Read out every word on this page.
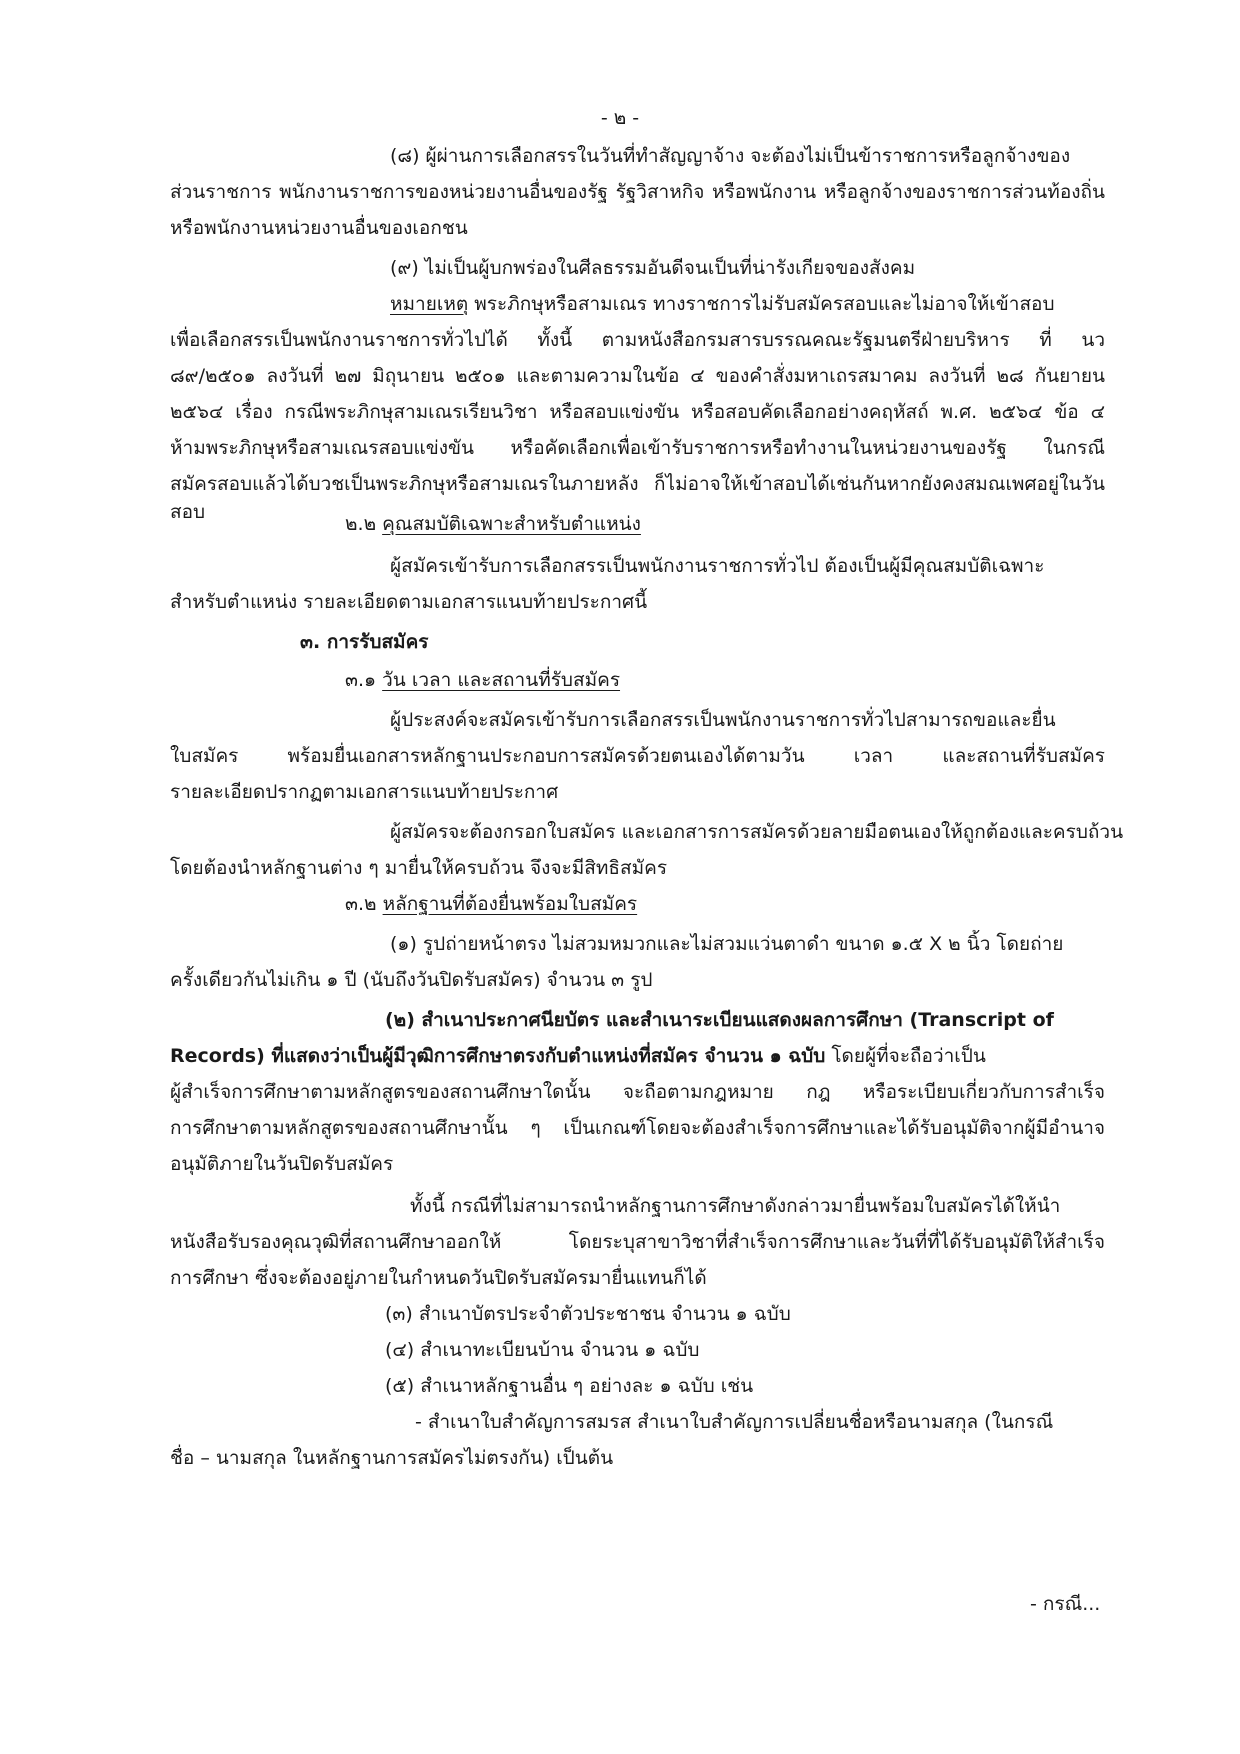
- ๒ -
(๘) ผู้ผ่านการเลือกสรรในวันที่ทำสัญญาจ้าง จะต้องไม่เป็นข้าราชการหรือลูกจ้างของ
ส่วนราชการ พนักงานราชการของหน่วยงานอื่นของรัฐ รัฐวิสาหกิจ หรือพนักงาน หรือลูกจ้างของราชการส่วนท้องถิ่น
หรือพนักงานหน่วยงานอื่นของเอกชน
(๙) ไม่เป็นผู้บกพร่องในศีลธรรมอันดีจนเป็นที่น่ารังเกียจของสังคม
หมายเหตุ พระภิกษุหรือสามเณร ทางราชการไม่รับสมัครสอบและไม่อาจให้เข้าสอบ
เพื่อเลือกสรรเป็นพนักงานราชการทั่วไปได้ ทั้งนี้ ตามหนังสือกรมสารบรรณคณะรัฐมนตรีฝ่ายบริหาร ที่ นว
๘๙/๒๕๐๑ ลงวันที่ ๒๗ มิถุนายน ๒๕๐๑ และตามความในข้อ ๔ ของคำสั่งมหาเถรสมาคม ลงวันที่ ๒๘ กันยายน
๒๕๖๔ เรื่อง กรณีพระภิกษุสามเณรเรียนวิชา หรือสอบแข่งขัน หรือสอบคัดเลือกอย่างคฤหัสถ์ พ.ศ. ๒๕๖๔ ข้อ ๔
ห้ามพระภิกษุหรือสามเณรสอบแข่งขัน หรือคัดเลือกเพื่อเข้ารับราชการหรือทำงานในหน่วยงานของรัฐ ในกรณี
สมัครสอบแล้วได้บวชเป็นพระภิกษุหรือสามเณรในภายหลัง ก็ไม่อาจให้เข้าสอบได้เช่นกันหากยังคงสมณเพศอยู่ในวันสอบ
๒.๒ คุณสมบัติเฉพาะสำหรับตำแหน่ง
ผู้สมัครเข้ารับการเลือกสรรเป็นพนักงานราชการทั่วไป ต้องเป็นผู้มีคุณสมบัติเฉพาะ
สำหรับตำแหน่ง รายละเอียดตามเอกสารแนบท้ายประกาศนี้
๓. การรับสมัคร
๓.๑ วัน เวลา และสถานที่รับสมัคร
ผู้ประสงค์จะสมัครเข้ารับการเลือกสรรเป็นพนักงานราชการทั่วไปสามารถขอและยื่น
ใบสมัคร พร้อมยื่นเอกสารหลักฐานประกอบการสมัครด้วยตนเองได้ตามวัน เวลา และสถานที่รับสมัคร
รายละเอียดปรากฏตามเอกสารแนบท้ายประกาศ
ผู้สมัครจะต้องกรอกใบสมัคร และเอกสารการสมัครด้วยลายมือตนเองให้ถูกต้องและครบถ้วน
โดยต้องนำหลักฐานต่าง ๆ มายื่นให้ครบถ้วน จึงจะมีสิทธิสมัคร
๓.๒ หลักฐานที่ต้องยื่นพร้อมใบสมัคร
(๑) รูปถ่ายหน้าตรง ไม่สวมหมวกและไม่สวมแว่นตาดำ ขนาด ๑.๕ X ๒ นิ้ว โดยถ่าย
ครั้งเดียวกันไม่เกิน ๑ ปี (นับถึงวันปิดรับสมัคร) จำนวน ๓ รูป
(๒) สำเนาประกาศนียบัตร และสำเนาระเบียนแสดงผลการศึกษา (Transcript of
Records) ที่แสดงว่าเป็นผู้มีวุฒิการศึกษาตรงกับตำแหน่งที่สมัคร จำนวน ๑ ฉบับ โดยผู้ที่จะถือว่าเป็น
ผู้สำเร็จการศึกษาตามหลักสูตรของสถานศึกษาใดนั้น จะถือตามกฎหมาย กฎ หรือระเบียบเกี่ยวกับการสำเร็จ
การศึกษาตามหลักสูตรของสถานศึกษานั้น ๆ เป็นเกณฑ์โดยจะต้องสำเร็จการศึกษาและได้รับอนุมัติจากผู้มีอำนาจ
อนุมัติภายในวันปิดรับสมัคร
ทั้งนี้ กรณีที่ไม่สามารถนำหลักฐานการศึกษาดังกล่าวมายื่นพร้อมใบสมัครได้ให้นำ
หนังสือรับรองคุณวุฒิที่สถานศึกษาออกให้ โดยระบุสาขาวิชาที่สำเร็จการศึกษาและวันที่ที่ได้รับอนุมัติให้สำเร็จ
การศึกษา ซึ่งจะต้องอยู่ภายในกำหนดวันปิดรับสมัครมายื่นแทนก็ได้
(๓) สำเนาบัตรประจำตัวประชาชน จำนวน ๑ ฉบับ
(๔) สำเนาทะเบียนบ้าน จำนวน ๑ ฉบับ
(๕) สำเนาหลักฐานอื่น ๆ อย่างละ ๑ ฉบับ เช่น
- สำเนาใบสำคัญการสมรส สำเนาใบสำคัญการเปลี่ยนชื่อหรือนามสกุล (ในกรณี
ชื่อ – นามสกุล ในหลักฐานการสมัครไม่ตรงกัน) เป็นต้น
- กรณี...
